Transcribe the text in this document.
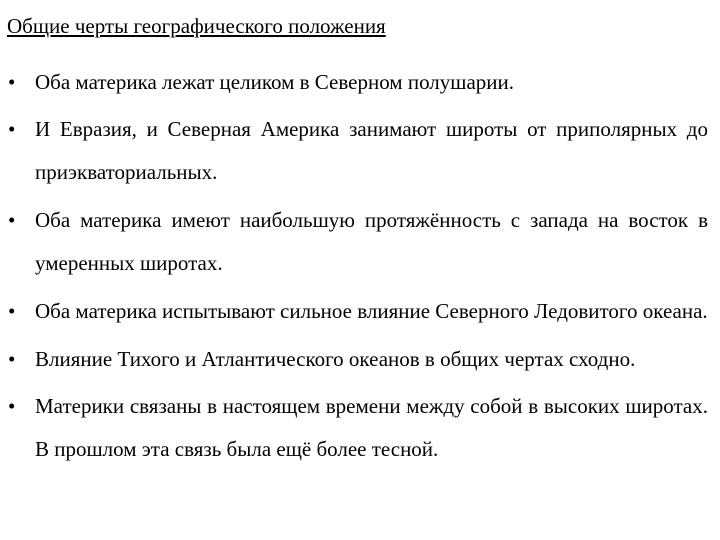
Общие черты географического положения
• Оба материка лежат целиком в Северном полушарии.
• И Евразия, и Северная Америка занимают широты от приполярных до приэкваториальных.
• Оба материка имеют наибольшую протяжённость с запада на восток в умеренных широтах.
• Оба материка испытывают сильное влияние Северного Ледовитого океана.
• Влияние Тихого и Атлантического океанов в общих чертах сходно.
• Материки связаны в настоящем времени между собой в высоких широтах. В прошлом эта связь была ещё более тесной.
